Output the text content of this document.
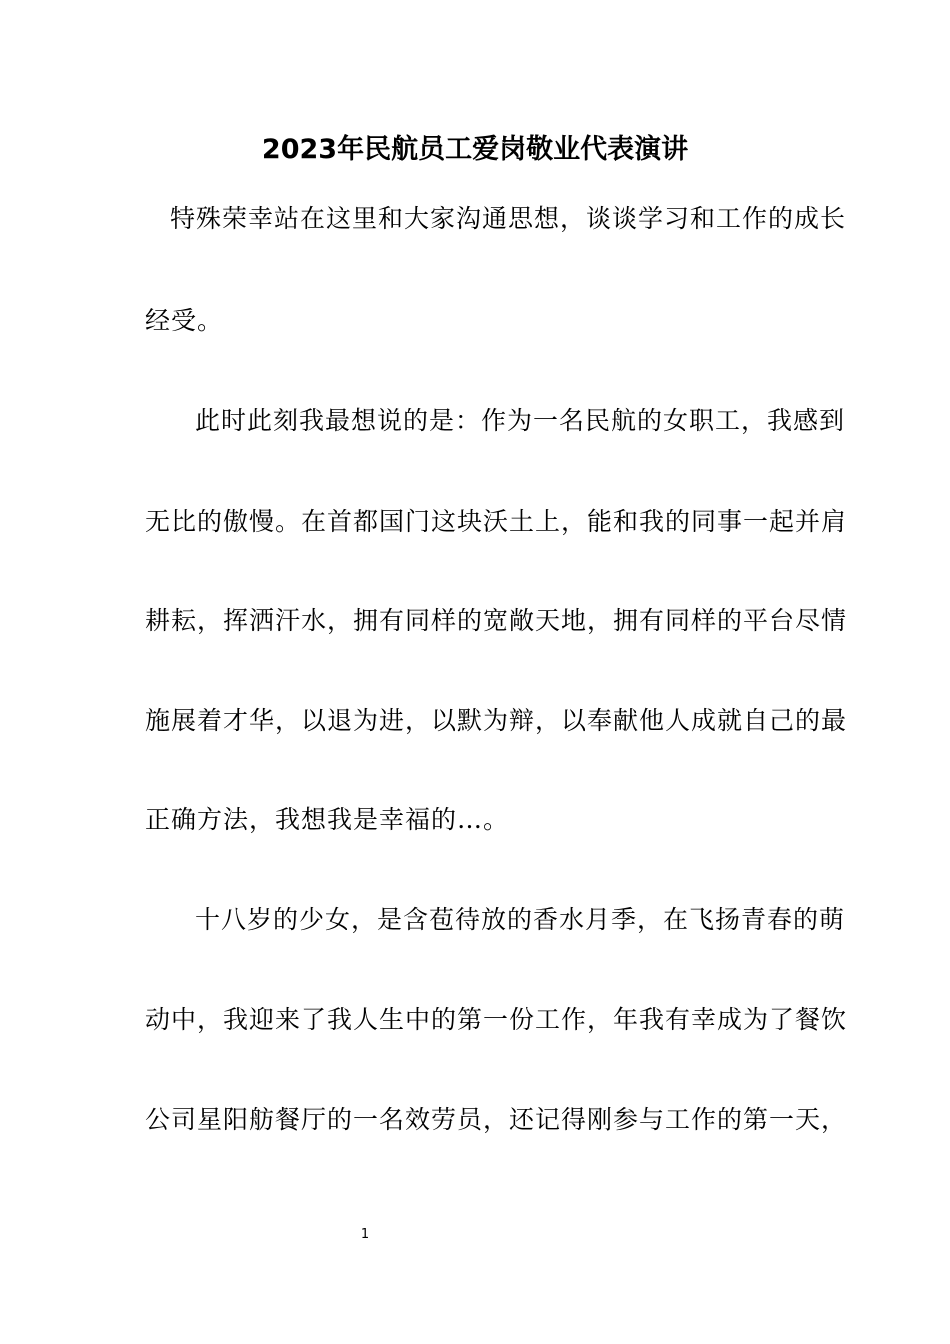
2023年民航员工爱岗敬业代表演讲
特殊荣幸站在这里和大家沟通思想，谈谈学习和工作的成长
经受。
此时此刻我最想说的是：作为一名民航的女职工，我感到
无比的傲慢。在首都国门这块沃土上，能和我的同事一起并肩
耕耘，挥洒汗水，拥有同样的宽敞天地，拥有同样的平台尽情
施展着才华，以退为进，以默为辩，以奉献他人成就自己的最
正确方法，我想我是幸福的…。
十八岁的少女，是含苞待放的香水月季，在飞扬青春的萌
动中，我迎来了我人生中的第一份工作，年我有幸成为了餐饮
公司星阳舫餐厅的一名效劳员，还记得刚参与工作的第一天，
1
